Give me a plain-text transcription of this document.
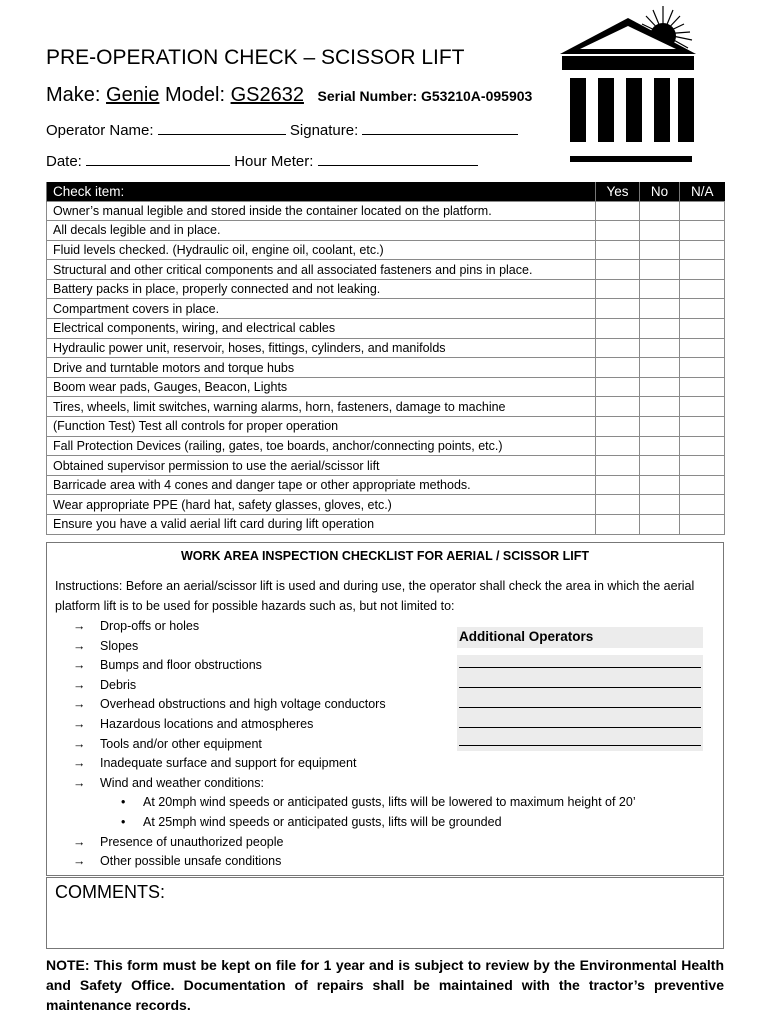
PRE-OPERATION CHECK – SCISSOR LIFT
Make: Genie Model: GS2632 Serial Number: G53210A-095903
Operator Name:	Signature:
Date:	Hour Meter:
Check item:	Yes	No	N/A
Owner’s manual legible and stored inside the container located on the platform.			
All decals legible and in place.			
Fluid levels checked. (Hydraulic oil, engine oil, coolant, etc.)			
Structural and other critical components and all associated fasteners and pins in place.			
Battery packs in place, properly connected and not leaking.			
Compartment covers in place.			
Electrical components, wiring, and electrical cables			
Hydraulic power unit, reservoir, hoses, fittings, cylinders, and manifolds			
Drive and turntable motors and torque hubs			
Boom wear pads, Gauges, Beacon, Lights			
Tires, wheels, limit switches, warning alarms, horn, fasteners, damage to machine			
(Function Test) Test all controls for proper operation			
Fall Protection Devices (railing, gates, toe boards, anchor/connecting points, etc.)			
Obtained supervisor permission to use the aerial/scissor lift			
Barricade area with 4 cones and danger tape or other appropriate methods.			
Wear appropriate PPE (hard hat, safety glasses, gloves, etc.)			
Ensure you have a valid aerial lift card during lift operation			
WORK AREA INSPECTION CHECKLIST FOR AERIAL / SCISSOR LIFT
Instructions: Before an aerial/scissor lift is used and during use, the operator shall check the area in which the aerial platform lift is to be used for possible hazards such as, but not limited to:
→ Drop-offs or holes
→ Slopes
→ Bumps and floor obstructions
→ Debris
→ Overhead obstructions and high voltage conductors
→ Hazardous locations and atmospheres
→ Tools and/or other equipment
→ Inadequate surface and support for equipment
→ Wind and weather conditions:
• At 20mph wind speeds or anticipated gusts, lifts will be lowered to maximum height of 20’
• At 25mph wind speeds or anticipated gusts, lifts will be grounded
→ Presence of unauthorized people
→ Other possible unsafe conditions
Additional Operators
COMMENTS:
NOTE: This form must be kept on file for 1 year and is subject to review by the Environmental Health and Safety Office. Documentation of repairs shall be maintained with the tractor’s preventive maintenance records.
